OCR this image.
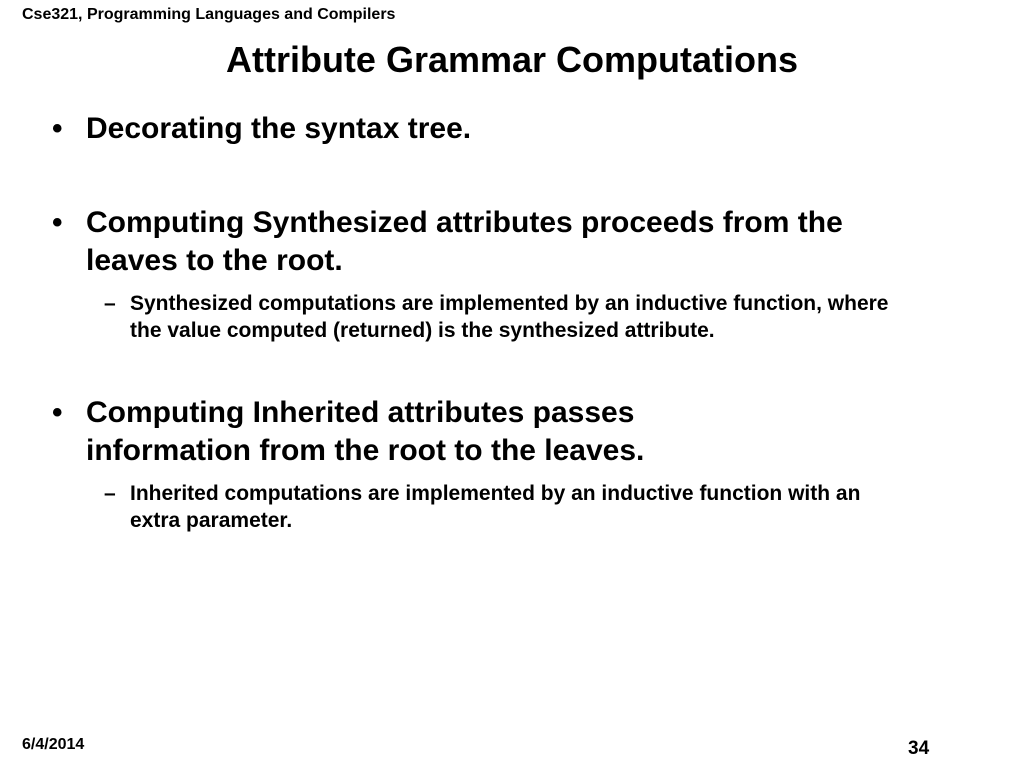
Cse321, Programming Languages and Compilers
Attribute Grammar Computations
• Decorating the syntax tree.
• Computing Synthesized attributes proceeds from the leaves to the root.
– Synthesized computations are implemented by an inductive function, where the value computed (returned) is the synthesized attribute.
• Computing Inherited attributes passes information from the root to the leaves.
– Inherited computations are implemented by an inductive function with an extra parameter.
6/4/2014	34
